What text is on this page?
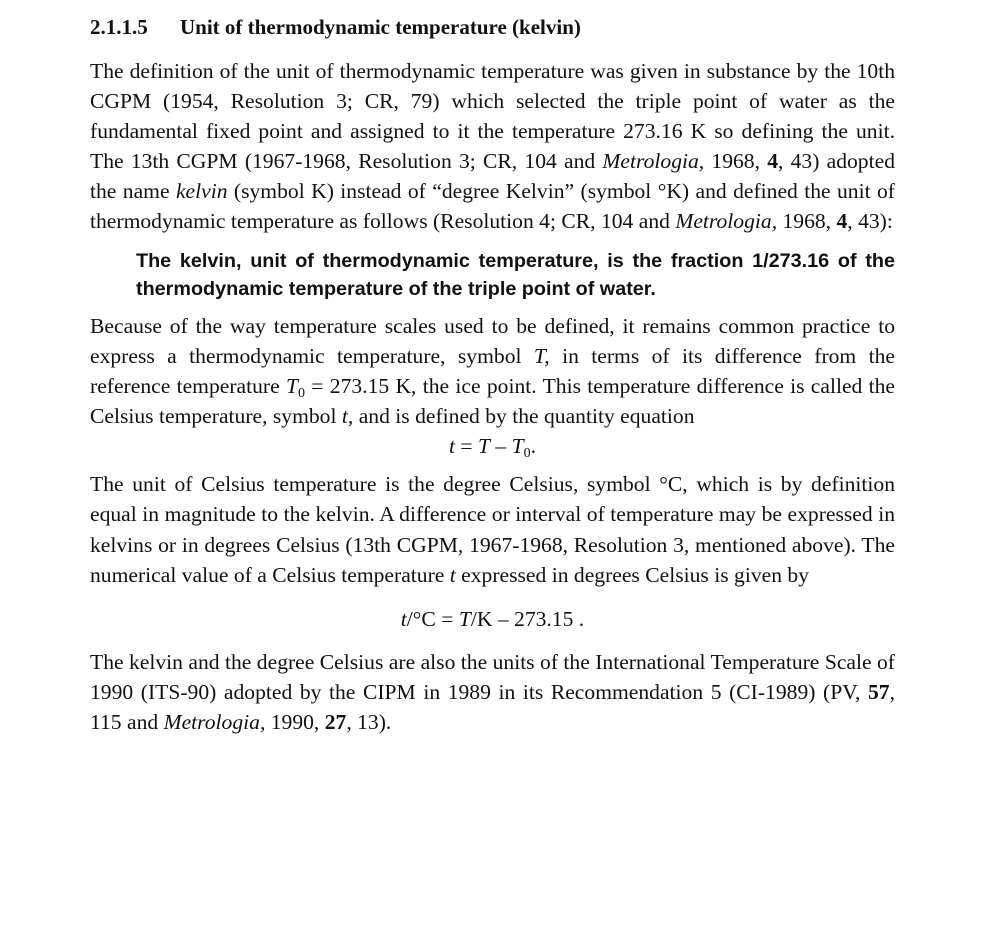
2.1.1.5 Unit of thermodynamic temperature (kelvin)

The definition of the unit of thermodynamic temperature was given in substance by the 10th CGPM (1954, Resolution 3; CR, 79) which selected the triple point of water as the fundamental fixed point and assigned to it the temperature 273.16 K so defining the unit. The 13th CGPM (1967-1968, Resolution 3; CR, 104 and Metrologia, 1968, 4, 43) adopted the name kelvin (symbol K) instead of “degree Kelvin” (symbol °K) and defined the unit of thermodynamic temperature as follows (Resolution 4; CR, 104 and Metrologia, 1968, 4, 43):

The kelvin, unit of thermodynamic temperature, is the fraction 1/273.16 of the thermodynamic temperature of the triple point of water.

Because of the way temperature scales used to be defined, it remains common practice to express a thermodynamic temperature, symbol T, in terms of its difference from the reference temperature $T_0 = 273.15$ K, the ice point. This temperature difference is called the Celsius temperature, symbol t, and is defined by the quantity equation

$t = T - T_0$.

The unit of Celsius temperature is the degree Celsius, symbol °C, which is by definition equal in magnitude to the kelvin. A difference or interval of temperature may be expressed in kelvins or in degrees Celsius (13th CGPM, 1967-1968, Resolution 3, mentioned above). The numerical value of a Celsius temperature t expressed in degrees Celsius is given by

t/°C = T/K – 273.15 .

The kelvin and the degree Celsius are also the units of the International Temperature Scale of 1990 (ITS-90) adopted by the CIPM in 1989 in its Recommendation 5 (CI-1989) (PV, 57, 115 and Metrologia, 1990, 27, 13).
